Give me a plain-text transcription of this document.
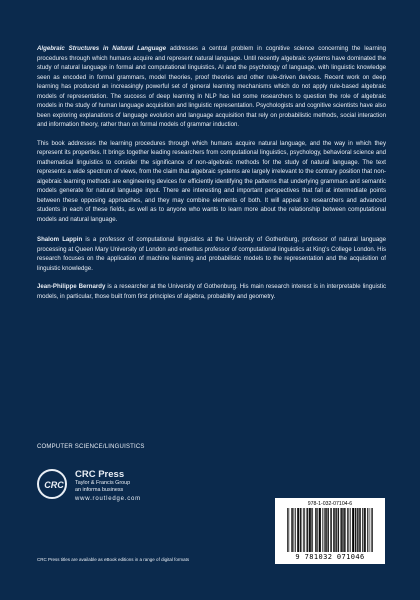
Algebraic Structures in Natural Language addresses a central problem in cognitive science concerning the learning procedures through which humans acquire and represent natural language. Until recently algebraic systems have dominated the study of natural language in formal and computational linguistics, AI and the psychology of language, with linguistic knowledge seen as encoded in formal grammars, model theories, proof theories and other rule-driven devices. Recent work on deep learning has produced an increasingly powerful set of general learning mechanisms which do not apply rule-based algebraic models of representation. The success of deep learning in NLP has led some researchers to question the role of algebraic models in the study of human language acquisition and linguistic representation. Psychologists and cognitive scientists have also been exploring explanations of language evolution and language acquisition that rely on probabilistic methods, social interaction and information theory, rather than on formal models of grammar induction.

This book addresses the learning procedures through which humans acquire natural language, and the way in which they represent its properties. It brings together leading researchers from computational linguistics, psychology, behavioral science and mathematical linguistics to consider the significance of non-algebraic methods for the study of natural language. The text represents a wide spectrum of views, from the claim that algebraic systems are largely irrelevant to the contrary position that non-algebraic learning methods are engineering devices for efficiently identifying the patterns that underlying grammars and semantic models generate for natural language input. There are interesting and important perspectives that fall at intermediate points between these opposing approaches, and they may combine elements of both. It will appeal to researchers and advanced students in each of these fields, as well as to anyone who wants to learn more about the relationship between computational models and natural language.

Shalom Lappin is a professor of computational linguistics at the University of Gothenburg, professor of natural language processing at Queen Mary University of London and emeritus professor of computational linguistics at King's College London. His research focuses on the application of machine learning and probabilistic models to the representation and the acquisition of linguistic knowledge.

Jean-Philippe Bernardy is a researcher at the University of Gothenburg. His main research interest is in interpretable linguistic models, in particular, those built from first principles of algebra, probability and geometry.

COMPUTER SCIENCE/LINGUISTICS
CRC
CRC Press
Taylor & Francis Group
an informa business
www.routledge.com
CRC Press titles are available as eBook editions in a range of digital formats
978-1-032-07104-6
9 781032 071046
